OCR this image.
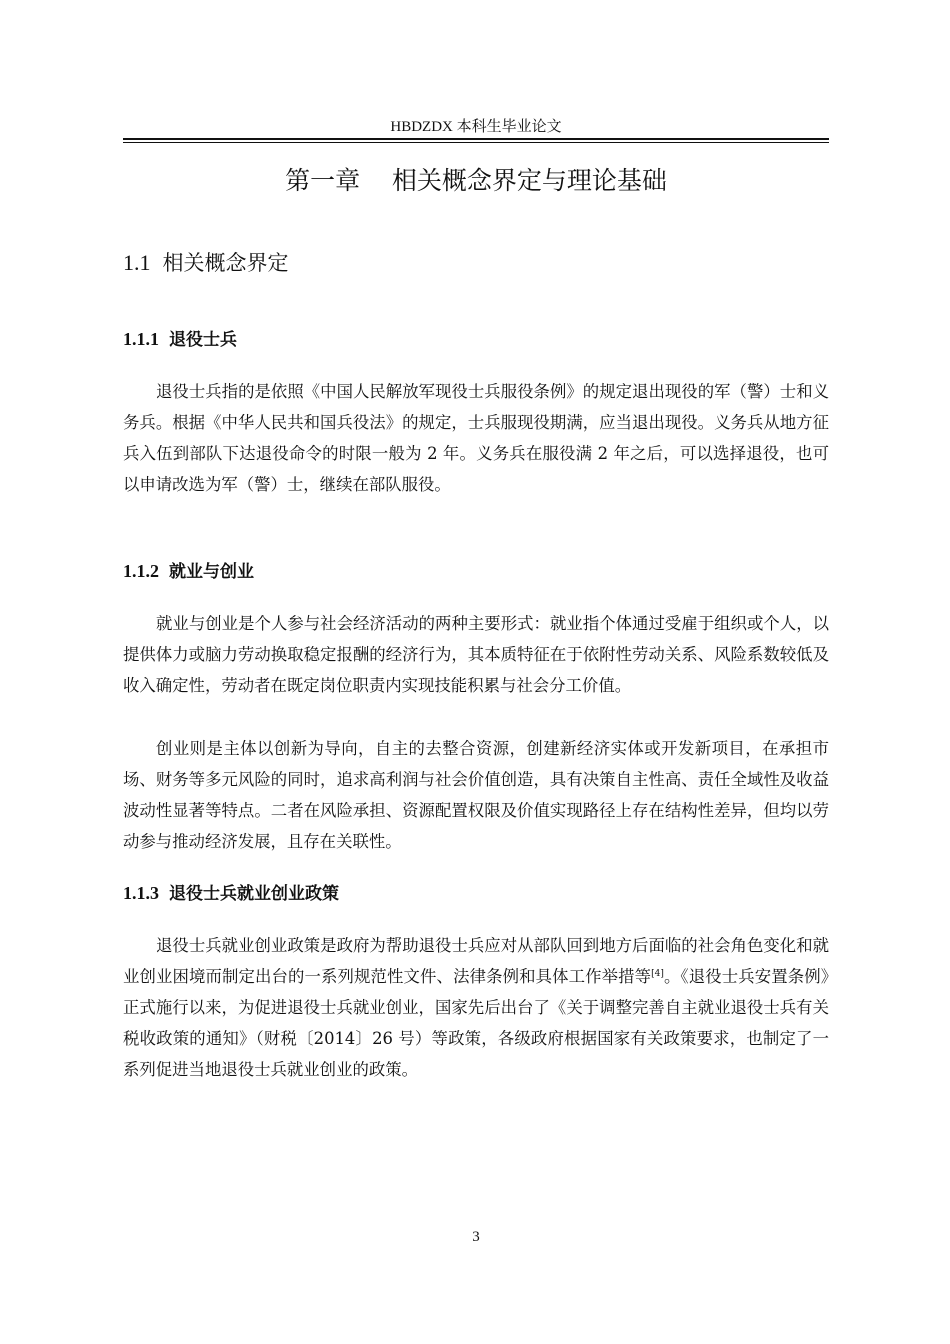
HBDZDX 本科生毕业论文
第一章    相关概念界定与理论基础
1.1 相关概念界定
1.1.1 退役士兵

退役士兵指的是依照《中国人民解放军现役士兵服役条例》的规定退出现役的军（警）士和义务兵。根据《中华人民共和国兵役法》的规定，士兵服现役期满，应当退出现役。义务兵从地方征兵入伍到部队下达退役命令的时限一般为 2 年。义务兵在服役满 2 年之后，可以选择退役，也可以申请改选为军（警）士，继续在部队服役。

1.1.2 就业与创业

就业与创业是个人参与社会经济活动的两种主要形式：就业指个体通过受雇于组织或个人，以提供体力或脑力劳动换取稳定报酬的经济行为，其本质特征在于依附性劳动关系、风险系数较低及收入确定性，劳动者在既定岗位职责内实现技能积累与社会分工价值。

创业则是主体以创新为导向，自主的去整合资源，创建新经济实体或开发新项目，在承担市场、财务等多元风险的同时，追求高利润与社会价值创造，具有决策自主性高、责任全域性及收益波动性显著等特点。二者在风险承担、资源配置权限及价值实现路径上存在结构性差异，但均以劳动参与推动经济发展，且存在关联性。

1.1.3 退役士兵就业创业政策

退役士兵就业创业政策是政府为帮助退役士兵应对从部队回到地方后面临的社会角色变化和就业创业困境而制定出台的一系列规范性文件、法律条例和具体工作举措等[4]。《退役士兵安置条例》正式施行以来，为促进退役士兵就业创业，国家先后出台了《关于调整完善自主就业退役士兵有关税收政策的通知》（财税〔2014〕26 号）等政策，各级政府根据国家有关政策要求，也制定了一系列促进当地退役士兵就业创业的政策。

3
